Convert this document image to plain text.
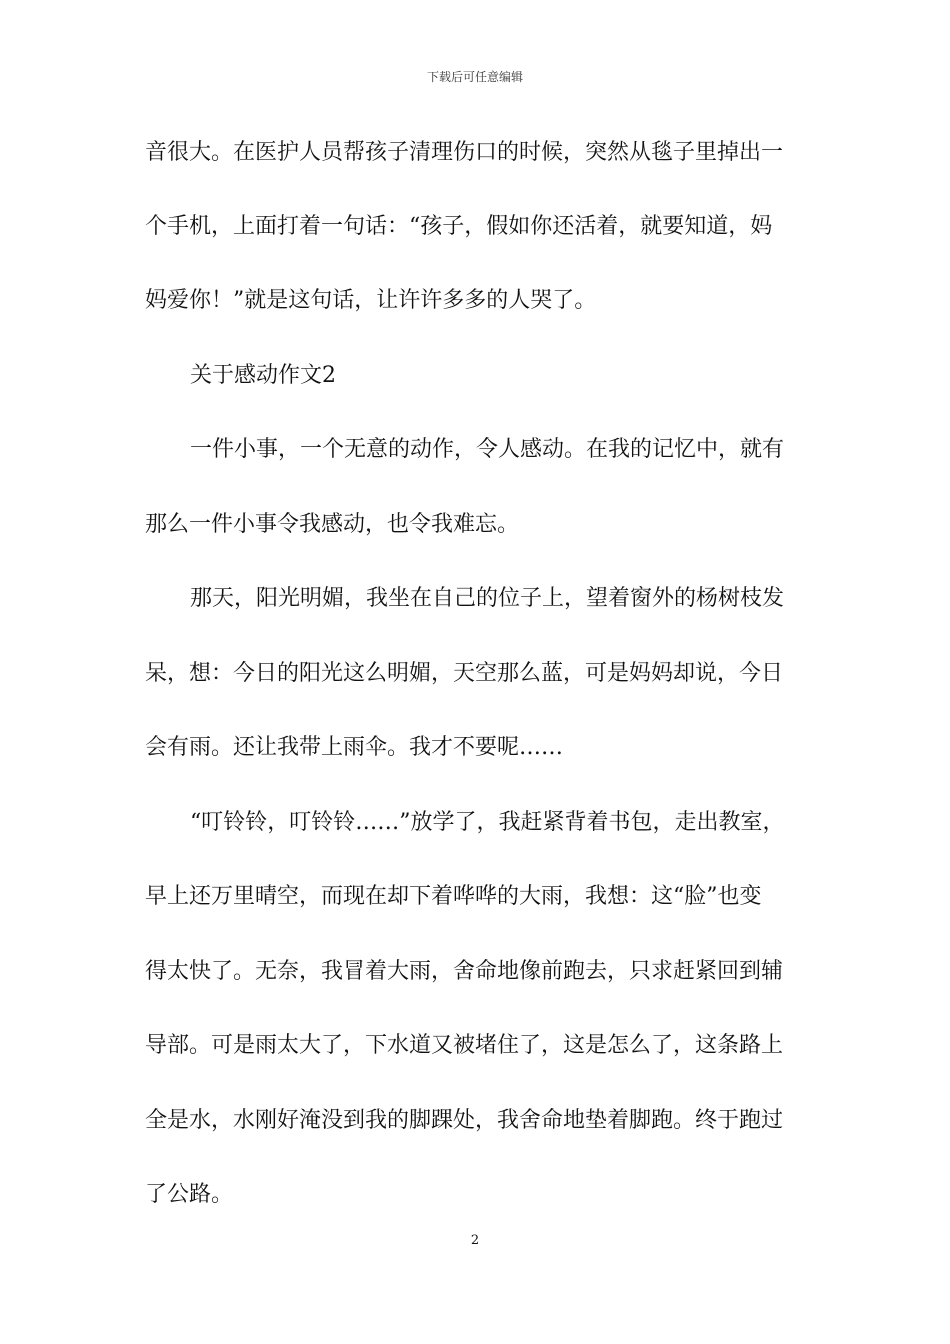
下载后可任意编辑
音很大。在医护人员帮孩子清理伤口的时候，突然从毯子里掉出一
个手机，上面打着一句话：“孩子，假如你还活着，就要知道，妈
妈爱你！”就是这句话，让许许多多的人哭了。
关于感动作文2
一件小事，一个无意的动作，令人感动。在我的记忆中，就有
那么一件小事令我感动，也令我难忘。
那天，阳光明媚，我坐在自己的位子上，望着窗外的杨树枝发
呆，想：今日的阳光这么明媚，天空那么蓝，可是妈妈却说，今日
会有雨。还让我带上雨伞。我才不要呢……
“叮铃铃，叮铃铃……”放学了，我赶紧背着书包，走出教室，
早上还万里晴空，而现在却下着哗哗的大雨，我想：这“脸”也变
得太快了。无奈，我冒着大雨，舍命地像前跑去，只求赶紧回到辅
导部。可是雨太大了，下水道又被堵住了，这是怎么了，这条路上
全是水，水刚好淹没到我的脚踝处，我舍命地垫着脚跑。终于跑过
了公路。
2
